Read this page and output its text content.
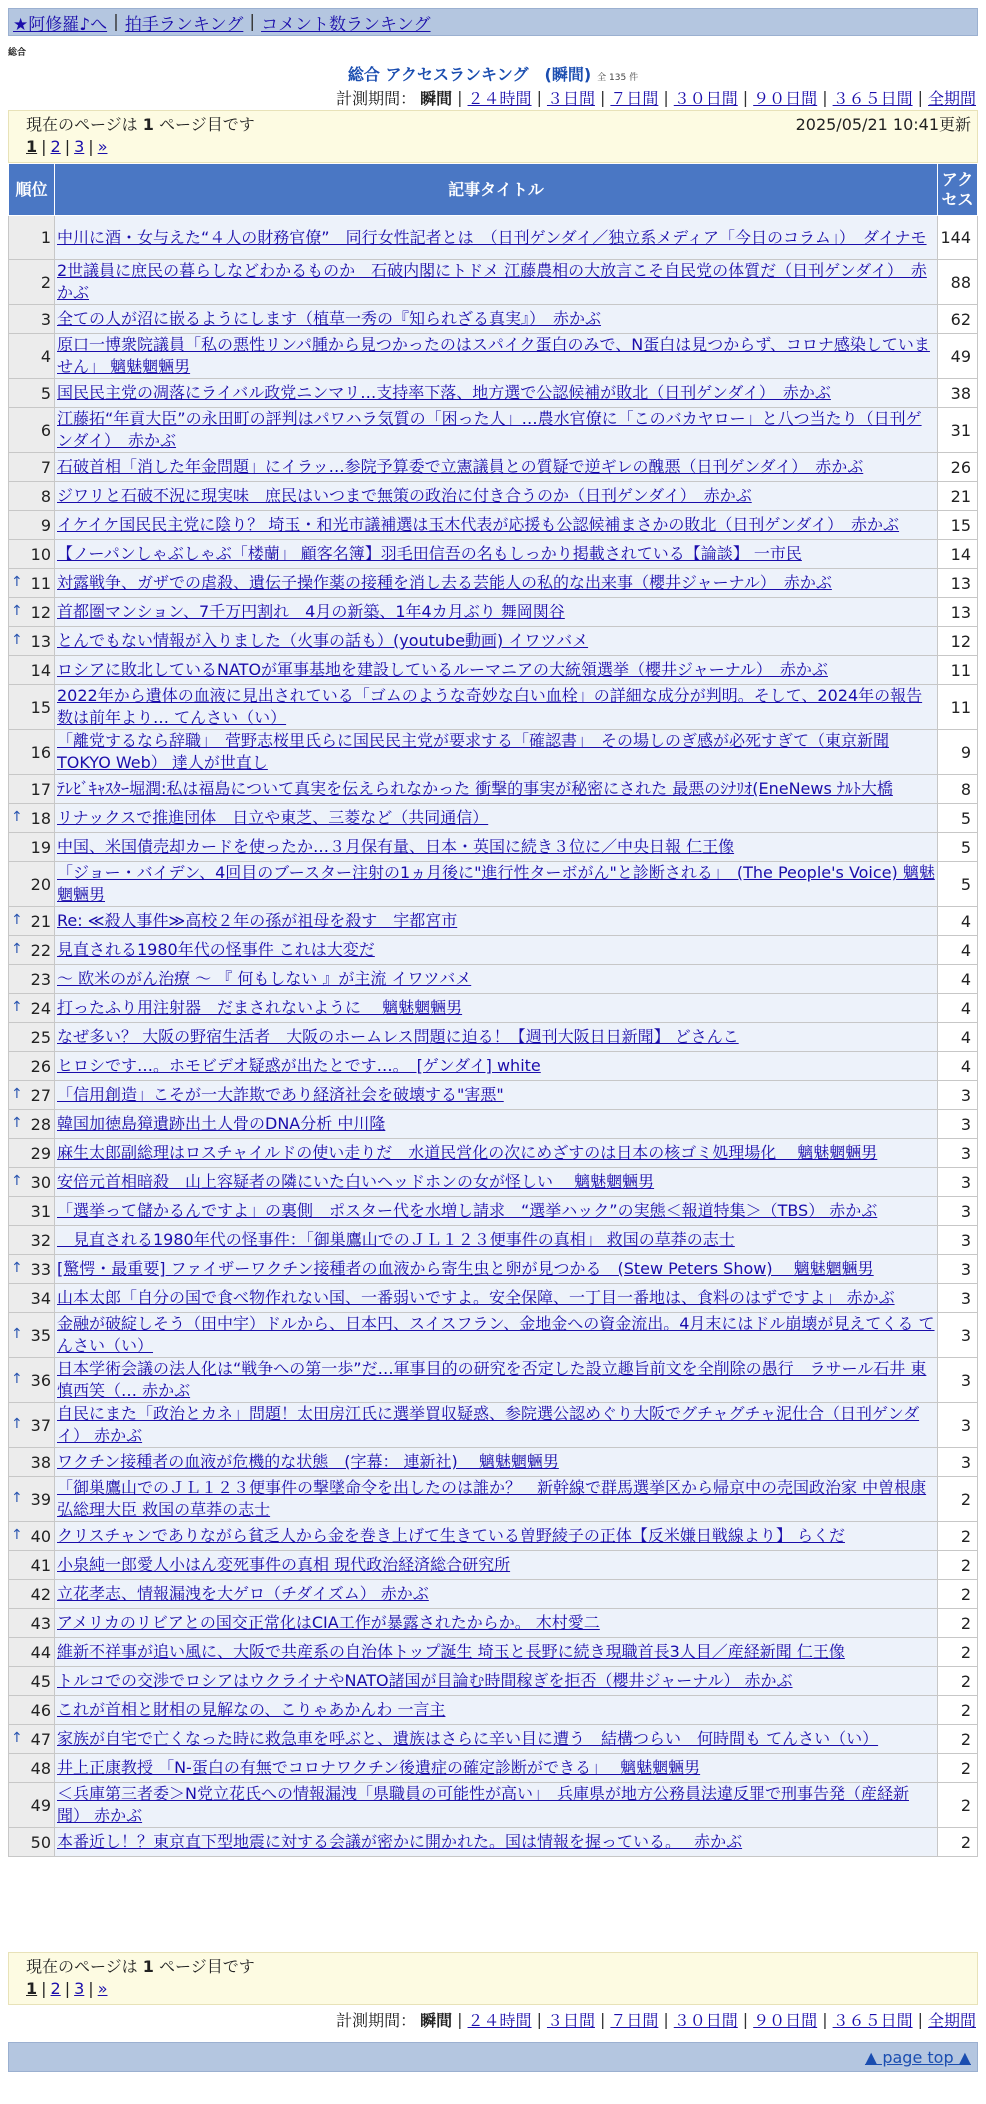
★阿修羅♪へ | 拍手ランキング | コメント数ランキング
総合
総合 アクセスランキング　(瞬間) 全 135 件
計測期間： 瞬間 | ２４時間 | ３日間 | ７日間 | ３０日間 | ９０日間 | ３６５日間 | 全期間
現在のページは 1 ページ目です	2025/05/21 10:41更新
1 | 2 | 3 | »
順位	記事タイトル	アクセス
1	中川に酒・女与えた“４人の財務官僚”　同行女性記者とは　（日刊ゲンダイ／独立系メディア「今日のコラム」）　ダイナモ	144
2	2世議員に庶民の暮らしなどわかるものか　石破内閣にトドメ 江藤農相の大放言こそ自民党の体質だ（日刊ゲンダイ）　赤かぶ	88
3	全ての人が沼に嵌るようにします（植草一秀の『知られざる真実』）　赤かぶ	62
4	原口一博衆院議員「私の悪性リンパ腫から見つかったのはスパイク蛋白のみで、N蛋白は見つからず、コロナ感染していません」 魑魅魍魎男	49
5	国民民主党の凋落にライバル政党ニンマリ…支持率下落、地方選で公認候補が敗北（日刊ゲンダイ）　赤かぶ	38
6	江藤拓“年貢大臣”の永田町の評判はパワハラ気質の「困った人」…農水官僚に「このバカヤロー」と八つ当たり（日刊ゲンダイ）　赤かぶ	31
7	石破首相「消した年金問題」にイラッ…参院予算委で立憲議員との質疑で逆ギレの醜悪（日刊ゲンダイ）　赤かぶ	26
8	ジワリと石破不況に現実味　庶民はいつまで無策の政治に付き合うのか（日刊ゲンダイ）　赤かぶ	21
9	イケイケ国民民主党に陰り？ 埼玉・和光市議補選は玉木代表が応援も公認候補まさかの敗北（日刊ゲンダイ）　赤かぶ	15
10	【ノーパンしゃぶしゃぶ「楼蘭」 顧客名簿】羽毛田信吾の名もしっかり掲載されている【論談】 一市民	14

↑ 11	対露戦争、ガザでの虐殺、遺伝子操作薬の接種を消し去る芸能人の私的な出来事（櫻井ジャーナル）　赤かぶ	13

↑ 12	首都圏マンション、7千万円割れ　4月の新築、1年4カ月ぶり 舞岡関谷	13

↑ 13	とんでもない情報が入りました（火事の話も）(youtube動画) イワツバメ	12
14	ロシアに敗北しているNATOが軍事基地を建設しているルーマニアの大統領選挙（櫻井ジャーナル）　赤かぶ	11
15	2022年から遺体の血液に見出されている「ゴムのような奇妙な白い血栓」の詳細な成分が判明。そして、2024年の報告数は前年より… てんさい（い）	11
16	「離党するなら辞職」　菅野志桜里氏らに国民民主党が要求する「確認書」　その場しのぎ感が必死すぎて（東京新聞TOKYO Web） 達人が世直し	9
17	ﾃﾚﾋﾞｷｬｽﾀｰ堀潤:私は福島について真実を伝えられなかった 衝撃的事実が秘密にされた 最悪のｼﾅﾘｵ(EneNews ﾅﾙﾄ大橋	8

↑ 18	リナックスで推進団体　日立や東芝、三菱など（共同通信）	5
19	中国、米国債売却カードを使ったか…３月保有量、日本・英国に続き３位に／中央日報 仁王像	5
20	「ジョー・バイデン、4回目のブースター注射の1ヵ月後に"進行性ターボがん"と診断される」　(The People's Voice) 魑魅魍魎男	5

↑ 21	Re: ≪殺人事件≫高校２年の孫が祖母を殺す　宇都宮市	4

↑ 22	見直される1980年代の怪事件 これは大変だ	4
23	～ 欧米のがん治療 ～ 『 何もしない 』が主流 イワツバメ	4

↑ 24	打ったふり用注射器　だまされないように　 魑魅魍魎男	4
25	なぜ多い？ 大阪の野宿生活者　大阪のホームレス問題に迫る！【週刊大阪日日新聞】 どさんこ	4
26	ヒロシです…。ホモビデオ疑惑が出たとです…。　[ゲンダイ] white	4

↑ 27	「信用創造」こそが一大詐欺であり経済社会を破壊する"害悪"	3

↑ 28	韓国加徳島獐遺跡出土人骨のDNA分析 中川隆	3
29	麻生太郎副総理はロスチャイルドの使い走りだ　水道民営化の次にめざすのは日本の核ゴミ処理場化　 魑魅魍魎男	3

↑ 30	安倍元首相暗殺　山上容疑者の隣にいた白いヘッドホンの女が怪しい　 魑魅魍魎男	3
31	「選挙って儲かるんですよ」の裏側　ポスター代を水増し請求　“選挙ハック”の実態＜報道特集＞（TBS） 赤かぶ	3
32	　見直される1980年代の怪事件：「御巣鷹山でのＪＬ１２３便事件の真相」 救国の草莽の志士	3

↑ 33	[驚愕・最重要] ファイザーワクチン接種者の血液から寄生虫と卵が見つかる　(Stew Peters Show)　 魑魅魍魎男	3
34	山本太郎「自分の国で食べ物作れない国、一番弱いですよ。安全保障、一丁目一番地は、食料のはずですよ」 赤かぶ	3

↑ 35	金融が破綻しそう（田中宇）ドルから、日本円、スイスフラン、金地金への資金流出。4月末にはドル崩壊が見えてくる てんさい（い）	3

↑ 36	日本学術会議の法人化は“戦争への第一歩”だ…軍事目的の研究を否定した設立趣旨前文を全削除の愚行　ラサール石井 東慎西笑（… 赤かぶ	3

↑ 37	自民にまた「政治とカネ」問題！太田房江氏に選挙買収疑惑、参院選公認めぐり大阪でグチャグチャ泥仕合（日刊ゲンダイ） 赤かぶ	3
38	ワクチン接種者の血液が危機的な状態　(字幕： 連新社)　 魑魅魍魎男	3

↑ 39	「御巣鷹山でのＪＬ１２３便事件の撃墜命令を出したのは誰か？　新幹線で群馬選挙区から帰京中の売国政治家 中曽根康弘総理大臣 救国の草莽の志士	2

↑ 40	クリスチャンでありながら貧乏人から金を巻き上げて生きている曽野綾子の正体【反米嫌日戦線より】 らくだ	2
41	小泉純一郎愛人小はん変死事件の真相 現代政治経済総合研究所	2
42	立花孝志、情報漏洩を大ゲロ（チダイズム） 赤かぶ	2
43	アメリカのリビアとの国交正常化はCIA工作が暴露されたからか。 木村愛二	2
44	維新不祥事が追い風に、大阪で共産系の自治体トップ誕生 埼玉と長野に続き現職首長3人目／産経新聞 仁王像	2
45	トルコでの交渉でロシアはウクライナやNATO諸国が目論む時間稼ぎを拒否（櫻井ジャーナル） 赤かぶ	2
46	これが首相と財相の見解なの、こりゃあかんわ 一言主	2

↑ 47	家族が自宅で亡くなった時に救急車を呼ぶと、遺族はさらに辛い目に遭う　結構つらい　何時間も てんさい（い）	2
48	井上正康教授 「N-蛋白の有無でコロナワクチン後遺症の確定診断ができる」　 魑魅魍魎男	2
49	＜兵庫第三者委＞N党立花氏への情報漏洩「県職員の可能性が高い」　兵庫県が地方公務員法違反罪で刑事告発（産経新聞） 赤かぶ	2
50	本番近し！？東京直下型地震に対する会議が密かに開かれた。国は情報を握っている。　 赤かぶ	2
現在のページは 1 ページ目です
1 | 2 | 3 | »
計測期間： 瞬間 | ２４時間 | ３日間 | ７日間 | ３０日間 | ９０日間 | ３６５日間 | 全期間
▲ page top ▲
